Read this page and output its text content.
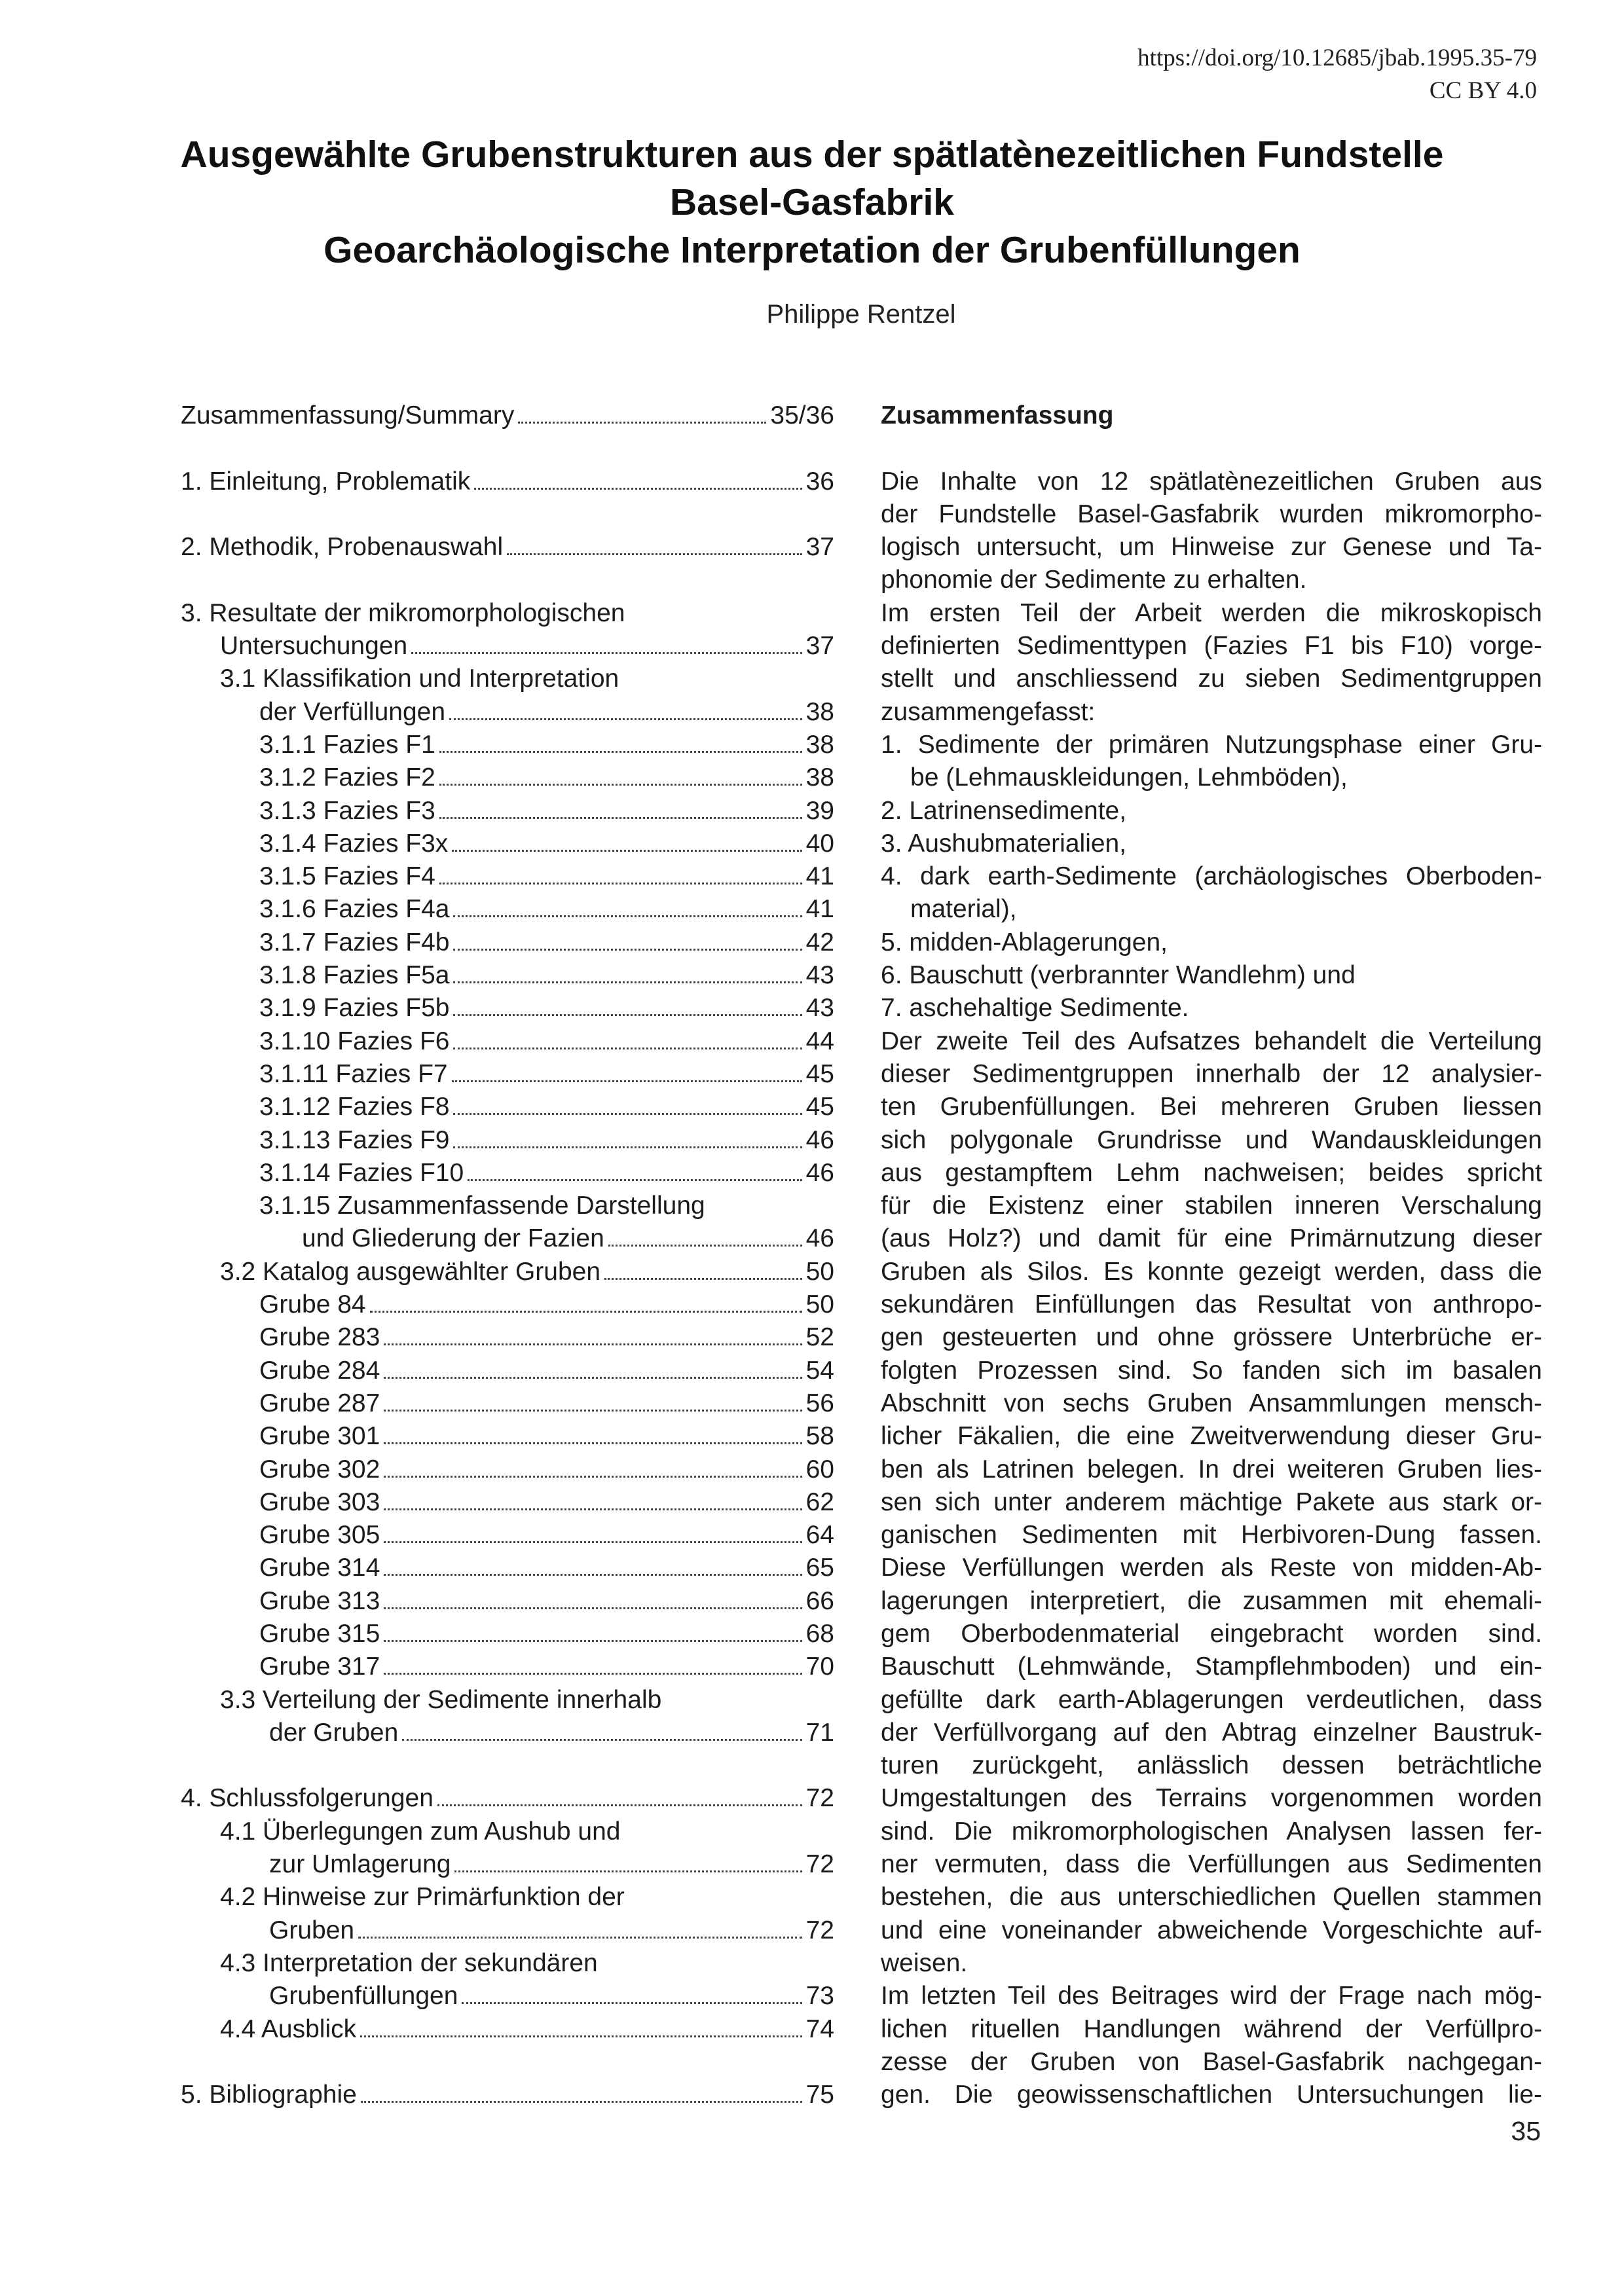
https://doi.org/10.12685/jbab.1995.35-79
CC BY 4.0
Ausgewählte Grubenstrukturen aus der spätlatènezeitlichen Fundstelle
Basel-Gasfabrik
Geoarchäologische Interpretation der Grubenfüllungen
Philippe Rentzel
Zusammenfassung/Summary	35/36
1. Einleitung, Problematik	36
2. Methodik, Probenauswahl	37
3. Resultate der mikromorphologischen
Untersuchungen	37
3.1 Klassifikation und Interpretation
der Verfüllungen	38
3.1.1 Fazies F1	38
3.1.2 Fazies F2	38
3.1.3 Fazies F3	39
3.1.4 Fazies F3x	40
3.1.5 Fazies F4	41
3.1.6 Fazies F4a	41
3.1.7 Fazies F4b	42
3.1.8 Fazies F5a	43
3.1.9 Fazies F5b	43
3.1.10 Fazies F6	44
3.1.11 Fazies F7	45
3.1.12 Fazies F8	45
3.1.13 Fazies F9	46
3.1.14 Fazies F10	46
3.1.15 Zusammenfassende Darstellung
und Gliederung der Fazien	46
3.2 Katalog ausgewählter Gruben	50
Grube 84	50
Grube 283	52
Grube 284	54
Grube 287	56
Grube 301	58
Grube 302	60
Grube 303	62
Grube 305	64
Grube 314	65
Grube 313	66
Grube 315	68
Grube 317	70
3.3 Verteilung der Sedimente innerhalb
der Gruben	71
4. Schlussfolgerungen	72
4.1 Überlegungen zum Aushub und
zur Umlagerung	72
4.2 Hinweise zur Primärfunktion der
Gruben	72
4.3 Interpretation der sekundären
Grubenfüllungen	73
4.4 Ausblick	74
5. Bibliographie	75
Zusammenfassung
Die Inhalte von 12 spätlatènezeitlichen Gruben aus
der Fundstelle Basel-Gasfabrik wurden mikromorpho-
logisch untersucht, um Hinweise zur Genese und Ta-
phonomie der Sedimente zu erhalten.
Im ersten Teil der Arbeit werden die mikroskopisch
definierten Sedimenttypen (Fazies F1 bis F10) vorge-
stellt und anschliessend zu sieben Sedimentgruppen
zusammengefasst:
1. Sedimente der primären Nutzungsphase einer Gru-
be (Lehmauskleidungen, Lehmböden),
2. Latrinensedimente,
3. Aushubmaterialien,
4. dark earth-Sedimente (archäologisches Oberboden-
material),
5. midden-Ablagerungen,
6. Bauschutt (verbrannter Wandlehm) und
7. aschehaltige Sedimente.
Der zweite Teil des Aufsatzes behandelt die Verteilung
dieser Sedimentgruppen innerhalb der 12 analysier-
ten Grubenfüllungen. Bei mehreren Gruben liessen
sich polygonale Grundrisse und Wandauskleidungen
aus gestampftem Lehm nachweisen; beides spricht
für die Existenz einer stabilen inneren Verschalung
(aus Holz?) und damit für eine Primärnutzung dieser
Gruben als Silos. Es konnte gezeigt werden, dass die
sekundären Einfüllungen das Resultat von anthropo-
gen gesteuerten und ohne grössere Unterbrüche er-
folgten Prozessen sind. So fanden sich im basalen
Abschnitt von sechs Gruben Ansammlungen mensch-
licher Fäkalien, die eine Zweitverwendung dieser Gru-
ben als Latrinen belegen. In drei weiteren Gruben lies-
sen sich unter anderem mächtige Pakete aus stark or-
ganischen Sedimenten mit Herbivoren-Dung fassen.
Diese Verfüllungen werden als Reste von midden-Ab-
lagerungen interpretiert, die zusammen mit ehemali-
gem Oberbodenmaterial eingebracht worden sind.
Bauschutt (Lehmwände, Stampflehmboden) und ein-
gefüllte dark earth-Ablagerungen verdeutlichen, dass
der Verfüllvorgang auf den Abtrag einzelner Baustruk-
turen zurückgeht, anlässlich dessen beträchtliche
Umgestaltungen des Terrains vorgenommen worden
sind. Die mikromorphologischen Analysen lassen fer-
ner vermuten, dass die Verfüllungen aus Sedimenten
bestehen, die aus unterschiedlichen Quellen stammen
und eine voneinander abweichende Vorgeschichte auf-
weisen.
Im letzten Teil des Beitrages wird der Frage nach mög-
lichen rituellen Handlungen während der Verfüllpro-
zesse der Gruben von Basel-Gasfabrik nachgegan-
gen. Die geowissenschaftlichen Untersuchungen lie-
35
